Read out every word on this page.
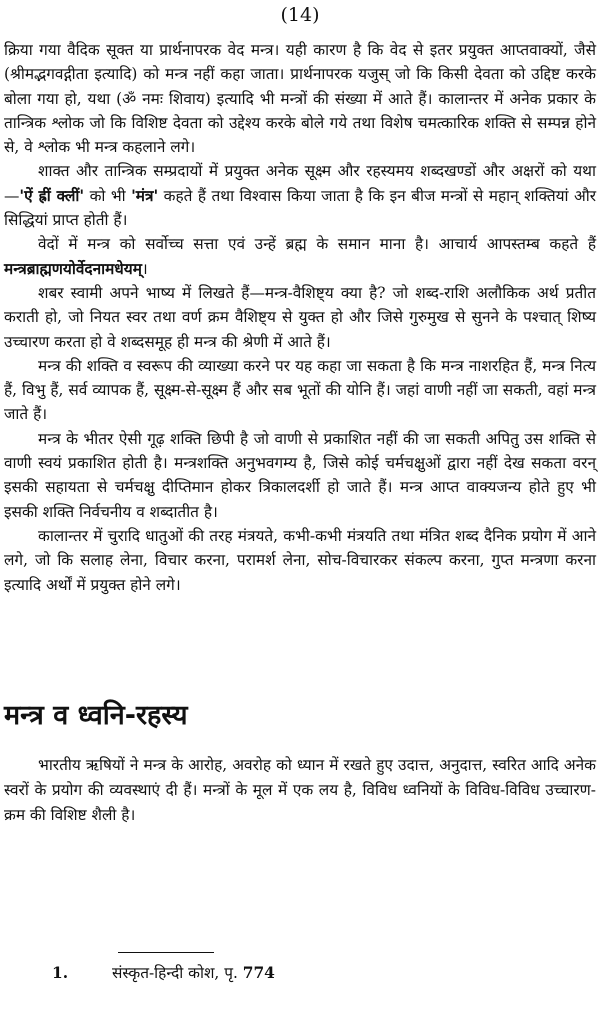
(14)

क्रिया गया वैदिक सूक्त या प्रार्थनापरक वेद मन्त्र। यही कारण है कि वेद से इतर प्रयुक्त आप्तवाक्यों, जैसे (श्रीमद्भगवद्गीता इत्यादि) को मन्त्र नहीं कहा जाता। प्रार्थनापरक यजुस् जो कि किसी देवता को उद्दिष्ट करके बोला गया हो, यथा (ॐ नमः शिवाय) इत्यादि भी मन्त्रों की संख्या में आते हैं। कालान्तर में अनेक प्रकार के तान्त्रिक श्लोक जो कि विशिष्ट देवता को उद्देश्य करके बोले गये तथा विशेष चमत्कारिक शक्ति से सम्पन्न होने से, वे श्लोक भी मन्त्र कहलाने लगे।

शाक्त और तान्त्रिक सम्प्रदायों में प्रयुक्त अनेक सूक्ष्म और रहस्यमय शब्दखण्डों और अक्षरों को यथा—'ऐं ह्रीं क्लीं' को भी 'मंत्र' कहते हैं तथा विश्वास किया जाता है कि इन बीज मन्त्रों से महान् शक्तियां और सिद्धियां प्राप्त होती हैं।

वेदों में मन्त्र को सर्वोच्च सत्ता एवं उन्हें ब्रह्म के समान माना है। आचार्य आपस्तम्ब कहते हैं मन्त्रब्राह्मणयोर्वेदनामधेयम्।

शबर स्वामी अपने भाष्य में लिखते हैं—मन्त्र-वैशिष्ट्य क्या है? जो शब्द-राशि अलौकिक अर्थ प्रतीत कराती हो, जो नियत स्वर तथा वर्ण क्रम वैशिष्ट्य से युक्त हो और जिसे गुरुमुख से सुनने के पश्चात् शिष्य उच्चारण करता हो वे शब्दसमूह ही मन्त्र की श्रेणी में आते हैं।

मन्त्र की शक्ति व स्वरूप की व्याख्या करने पर यह कहा जा सकता है कि मन्त्र नाशरहित हैं, मन्त्र नित्य हैं, विभु हैं, सर्व व्यापक हैं, सूक्ष्म-से-सूक्ष्म हैं और सब भूतों की योनि हैं। जहां वाणी नहीं जा सकती, वहां मन्त्र जाते हैं।

मन्त्र के भीतर ऐसी गूढ़ शक्ति छिपी है जो वाणी से प्रकाशित नहीं की जा सकती अपितु उस शक्ति से वाणी स्वयं प्रकाशित होती है। मन्त्रशक्ति अनुभवगम्य है, जिसे कोई चर्मचक्षुओं द्वारा नहीं देख सकता वरन् इसकी सहायता से चर्मचक्षु दीप्तिमान होकर त्रिकालदर्शी हो जाते हैं। मन्त्र आप्त वाक्यजन्य होते हुए भी इसकी शक्ति निर्वचनीय व शब्दातीत है।

कालान्तर में चुरादि धातुओं की तरह मंत्रयते, कभी-कभी मंत्रयति तथा मंत्रित शब्द दैनिक प्रयोग में आने लगे, जो कि सलाह लेना, विचार करना, परामर्श लेना, सोच-विचारकर संकल्प करना, गुप्त मन्त्रणा करना इत्यादि अर्थों में प्रयुक्त होने लगे।

मन्त्र व ध्वनि-रहस्य

भारतीय ऋषियों ने मन्त्र के आरोह, अवरोह को ध्यान में रखते हुए उदात्त, अनुदात्त, स्वरित आदि अनेक स्वरों के प्रयोग की व्यवस्थाएं दी हैं। मन्त्रों के मूल में एक लय है, विविध ध्वनियों के विविध-विविध उच्चारण-क्रम की विशिष्ट शैली है।

1.	संस्कृत-हिन्दी कोश, पृ. 774
